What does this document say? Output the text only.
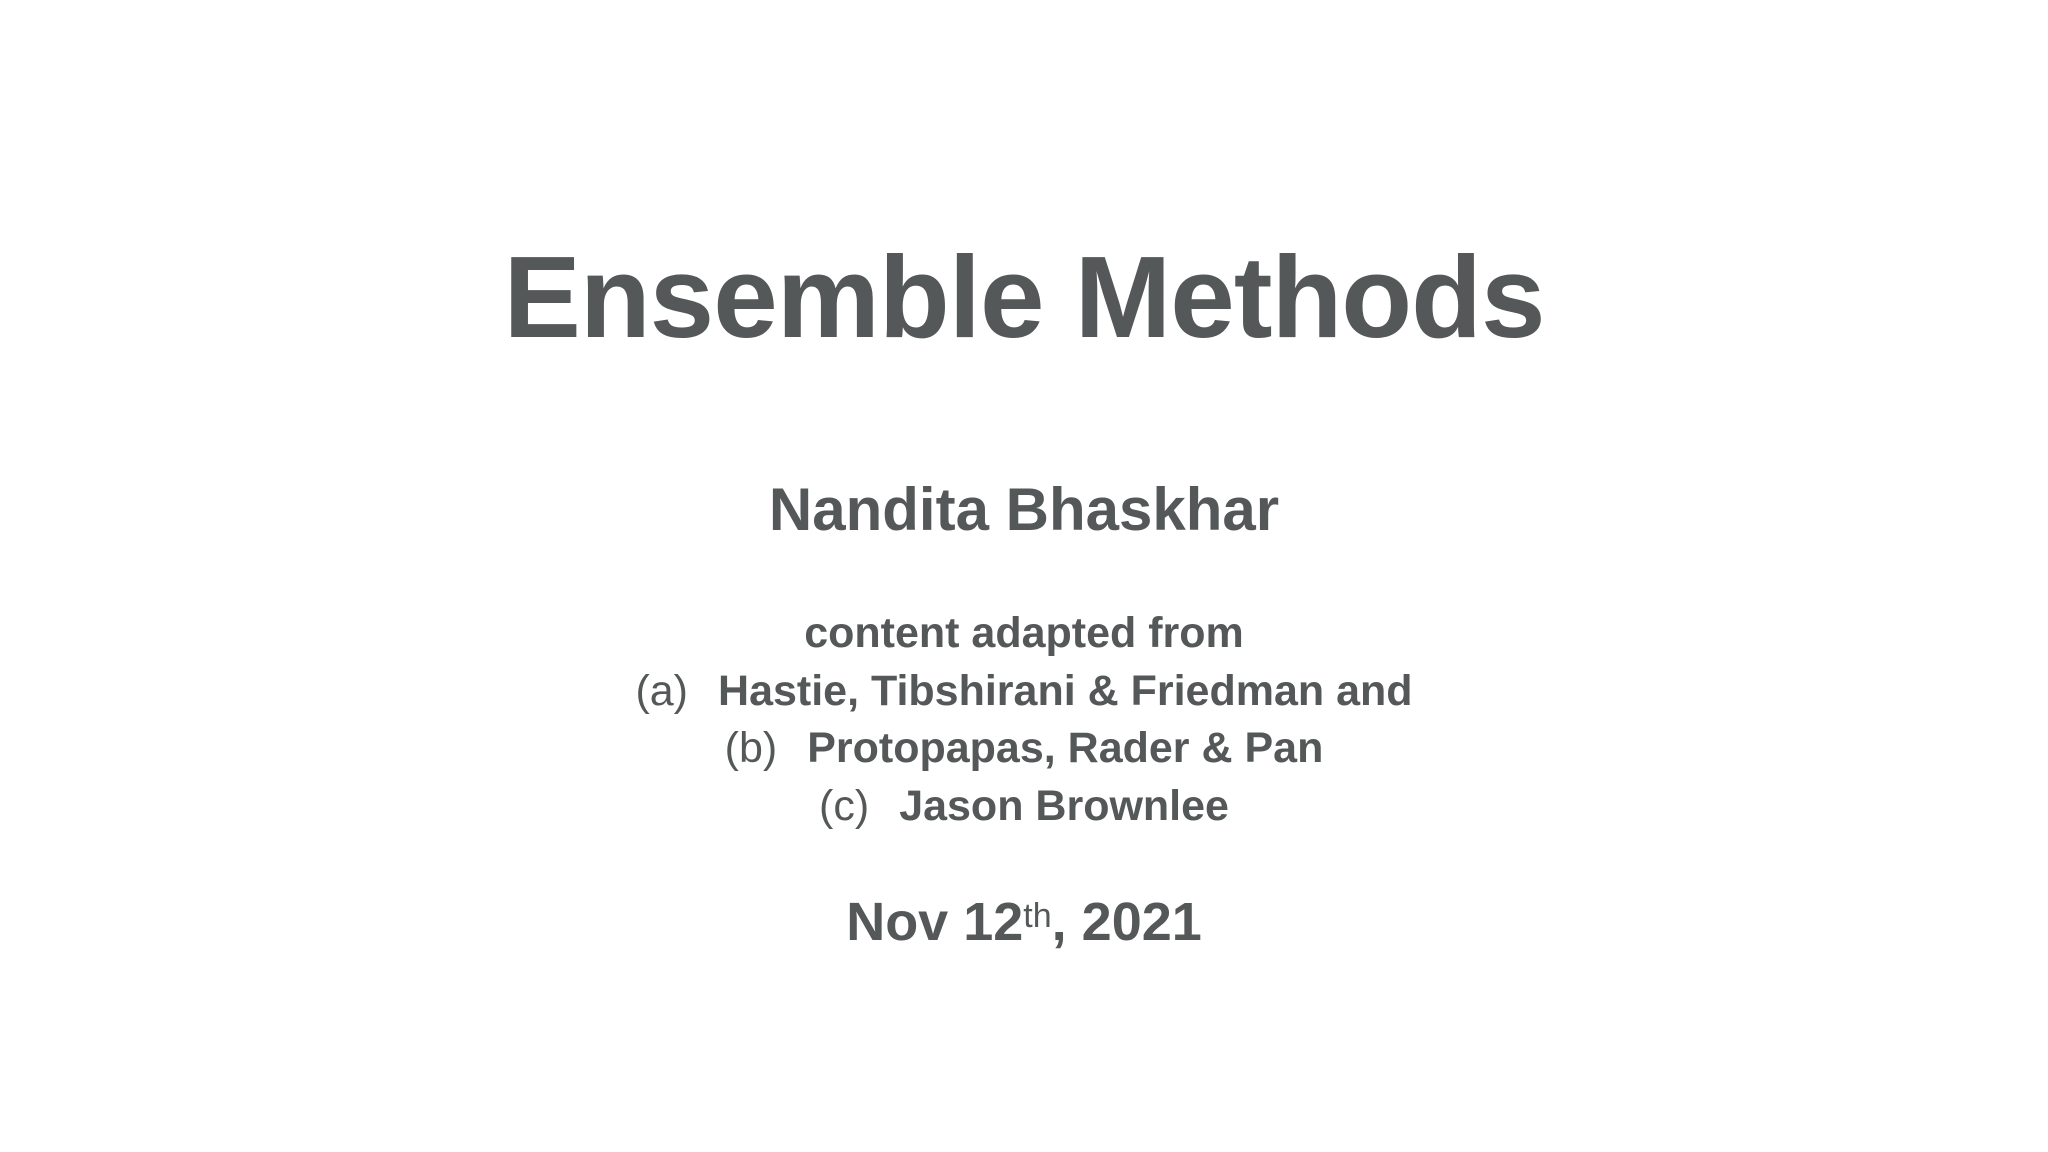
Ensemble Methods
Nandita Bhaskhar
content adapted from
(a) Hastie, Tibshirani & Friedman and
(b) Protopapas, Rader & Pan
(c) Jason Brownlee
Nov 12th, 2021
